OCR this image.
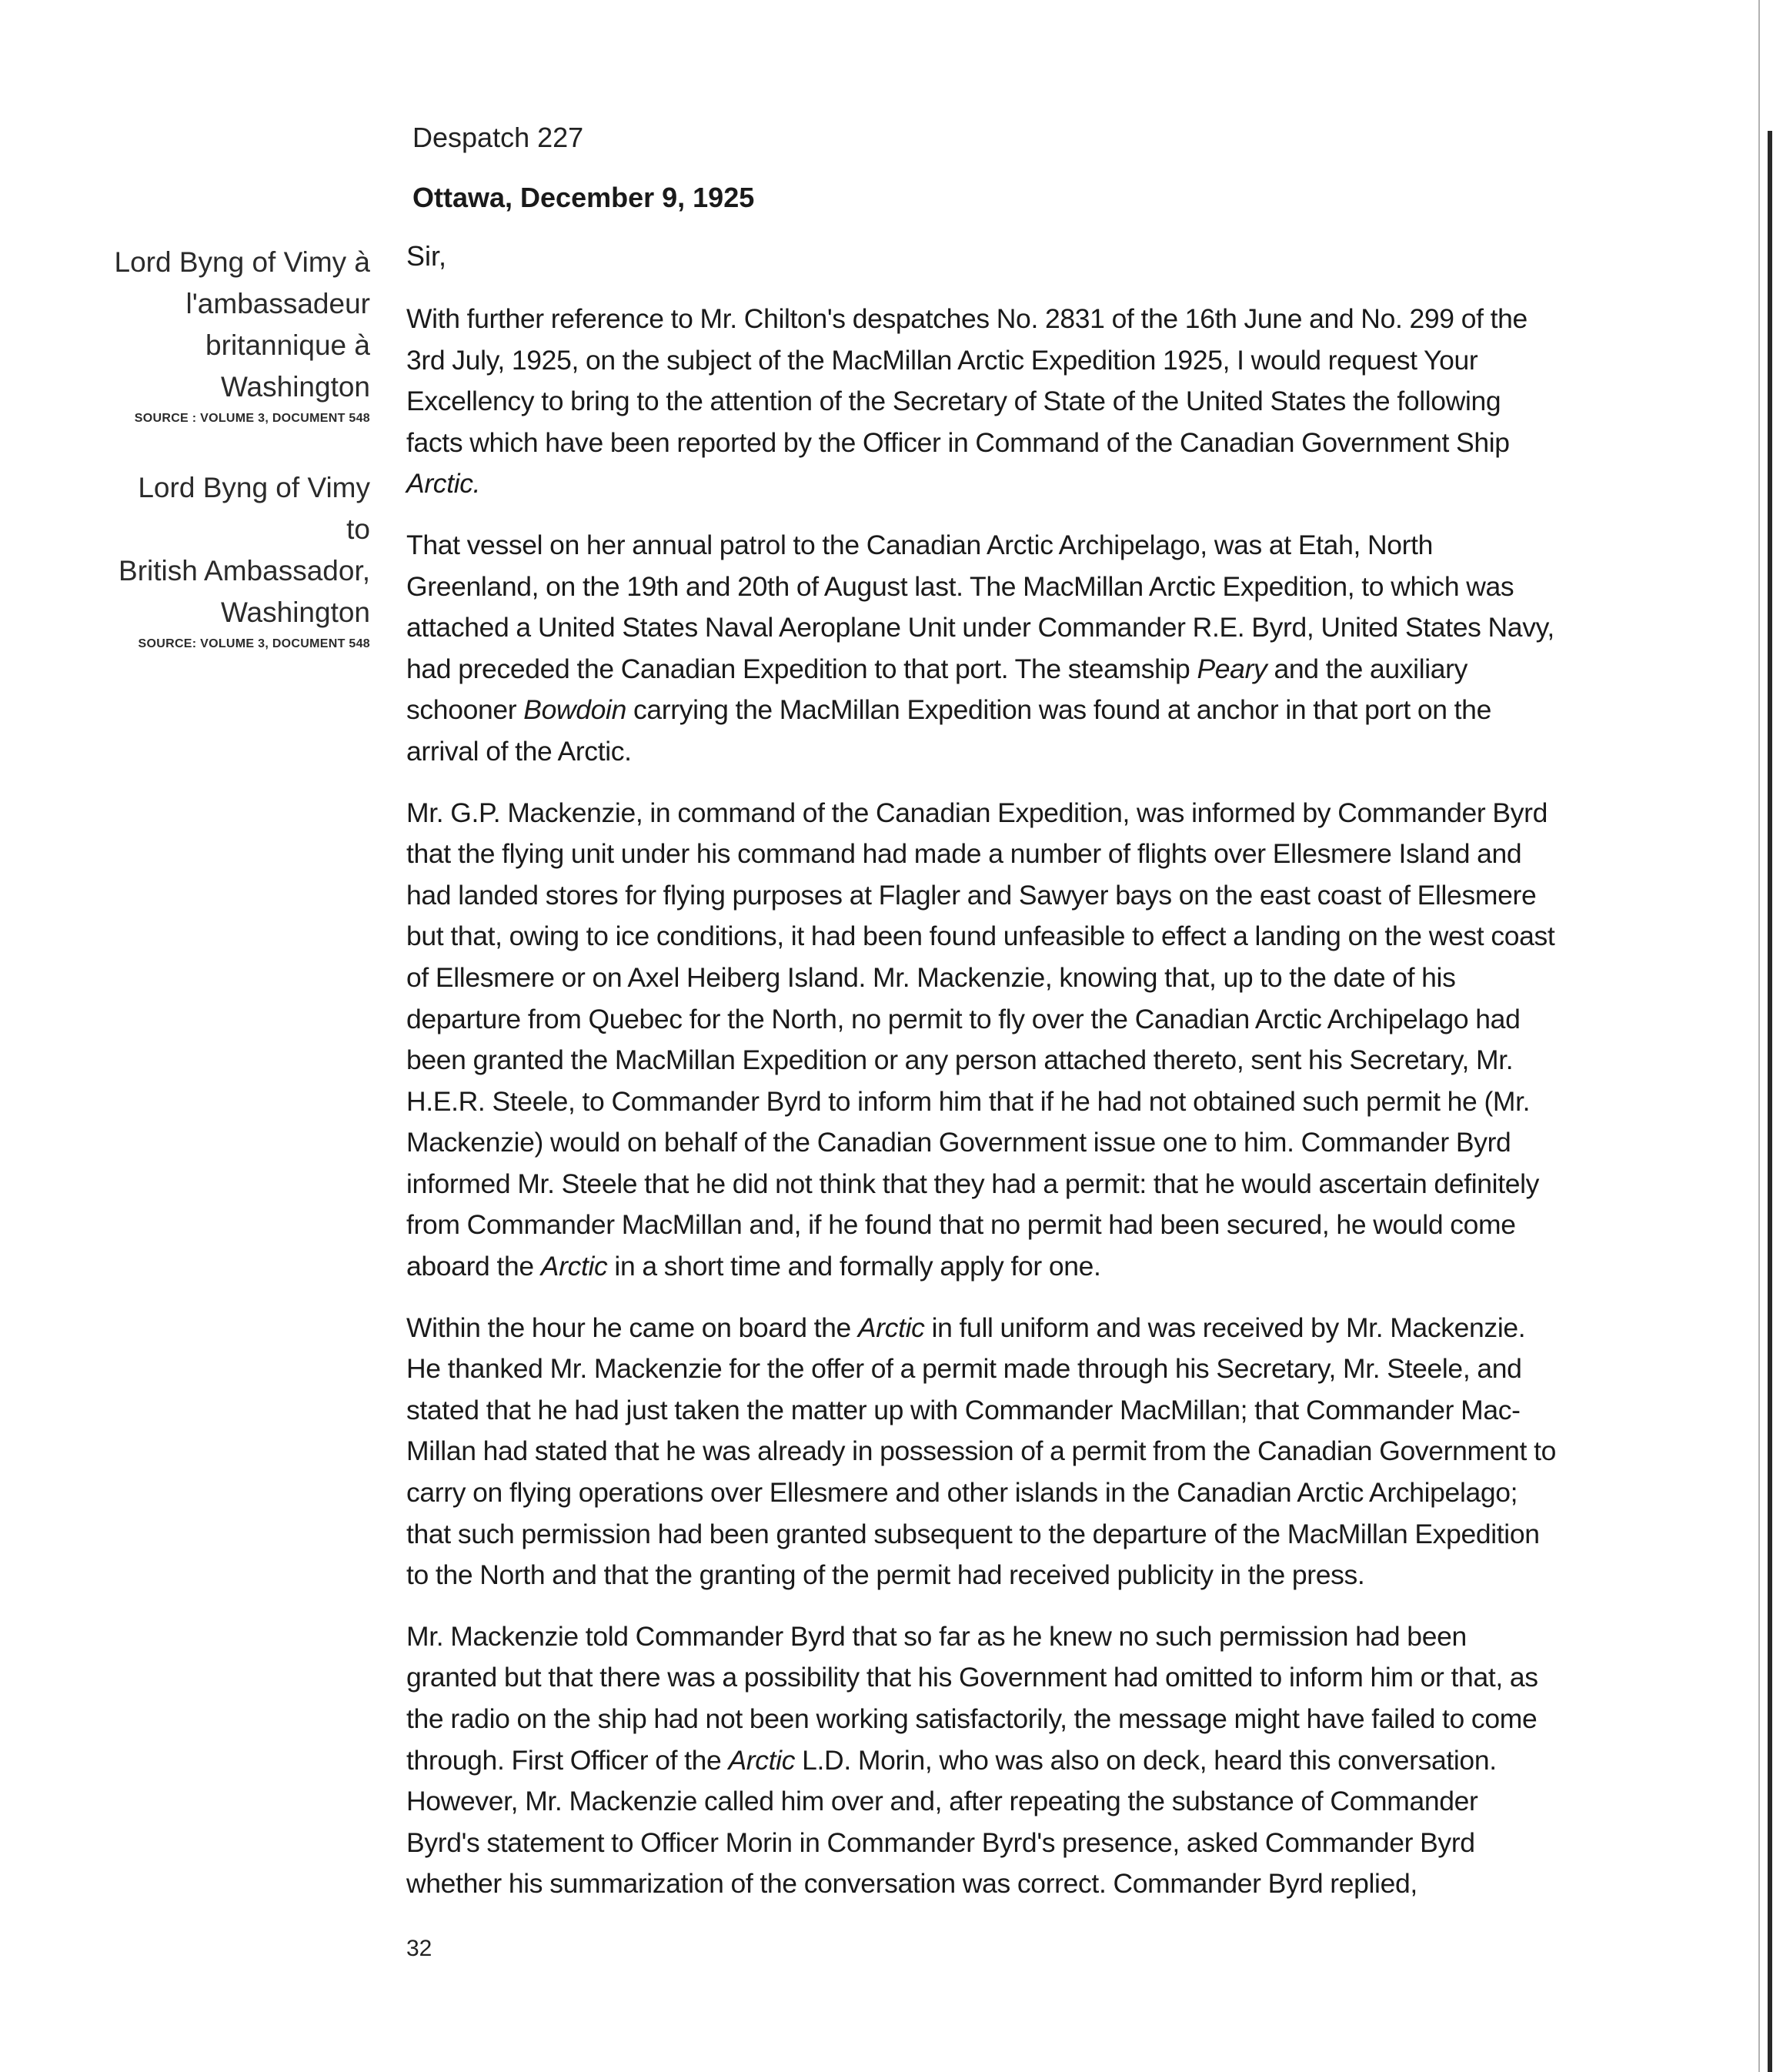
Lord Byng of Vimy à
l'ambassadeur
britannique à
Washington
SOURCE : VOLUME 3, DOCUMENT 548
Lord Byng of Vimy to
British Ambassador,
Washington
SOURCE: VOLUME 3, DOCUMENT 548
Despatch 227
Ottawa, December 9, 1925
Sir,

With further reference to Mr. Chilton's despatches No. 2831 of the 16th June and No. 299 of the 3rd July, 1925, on the subject of the MacMillan Arctic Expedition 1925, I would request Your Excellency to bring to the attention of the Secretary of State of the United States the following facts which have been reported by the Officer in Command of the Canadian Government Ship Arctic.

That vessel on her annual patrol to the Canadian Arctic Archipelago, was at Etah, North Greenland, on the 19th and 20th of August last. The MacMillan Arctic Expedition, to which was attached a United States Naval Aeroplane Unit under Commander R.E. Byrd, United States Navy, had preceded the Canadian Expedition to that port. The steamship Peary and the auxiliary schooner Bowdoin carrying the MacMillan Expedition was found at anchor in that port on the arrival of the Arctic.

Mr. G.P. Mackenzie, in command of the Canadian Expedition, was informed by Commander Byrd that the flying unit under his command had made a number of flights over Ellesmere Island and had landed stores for flying purposes at Flagler and Sawyer bays on the east coast of Ellesmere but that, owing to ice conditions, it had been found unfeasible to effect a landing on the west coast of Ellesmere or on Axel Heiberg Island. Mr. Mackenzie, knowing that, up to the date of his departure from Quebec for the North, no permit to fly over the Canadian Arctic Archipelago had been granted the MacMillan Expedition or any person attached thereto, sent his Secretary, Mr. H.E.R. Steele, to Commander Byrd to inform him that if he had not obtained such permit he (Mr. Mackenzie) would on behalf of the Canadian Government issue one to him. Commander Byrd informed Mr. Steele that he did not think that they had a permit: that he would ascertain definitely from Commander MacMillan and, if he found that no permit had been secured, he would come aboard the Arctic in a short time and formally apply for one.

Within the hour he came on board the Arctic in full uniform and was received by Mr. Mackenzie. He thanked Mr. Mackenzie for the offer of a permit made through his Secretary, Mr. Steele, and stated that he had just taken the matter up with Commander MacMillan; that Commander Mac-Millan had stated that he was already in possession of a permit from the Canadian Government to carry on flying operations over Ellesmere and other islands in the Canadian Arctic Archipelago; that such permission had been granted subsequent to the departure of the MacMillan Expedition to the North and that the granting of the permit had received publicity in the press.

Mr. Mackenzie told Commander Byrd that so far as he knew no such permission had been granted but that there was a possibility that his Government had omitted to inform him or that, as the radio on the ship had not been working satisfactorily, the message might have failed to come through. First Officer of the Arctic L.D. Morin, who was also on deck, heard this conversation. However, Mr. Mackenzie called him over and, after repeating the substance of Commander Byrd's statement to Officer Morin in Commander Byrd's presence, asked Commander Byrd whether his summarization of the conversation was correct. Commander Byrd replied,

32
